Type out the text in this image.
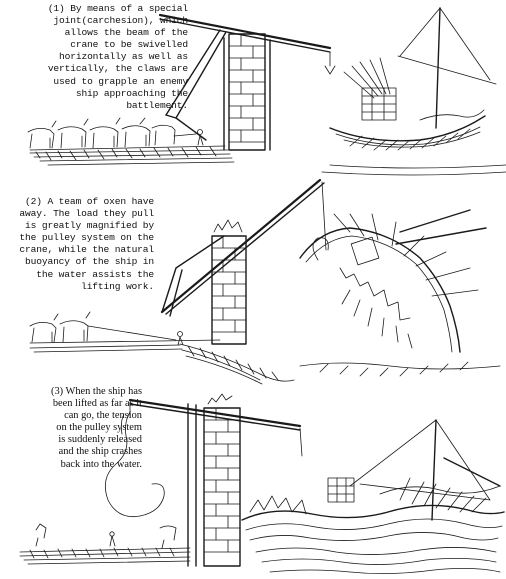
(1) By means of a special
joint(carchesion), which
allows the beam of the
crane to be swivelled
horizontally as well as
vertically, the claws are
used to grapple an enemy
ship approaching the
battlement.

(2) A team of oxen have
away. The load they pull
is greatly magnified by
the pulley system on the
crane, while the natural
buoyancy of the ship in
the water assists the
lifting work.

(3) When the ship has
been lifted as far as it
can go, the tension
on the pulley system
is suddenly released
and the ship crashes
back into the water.
